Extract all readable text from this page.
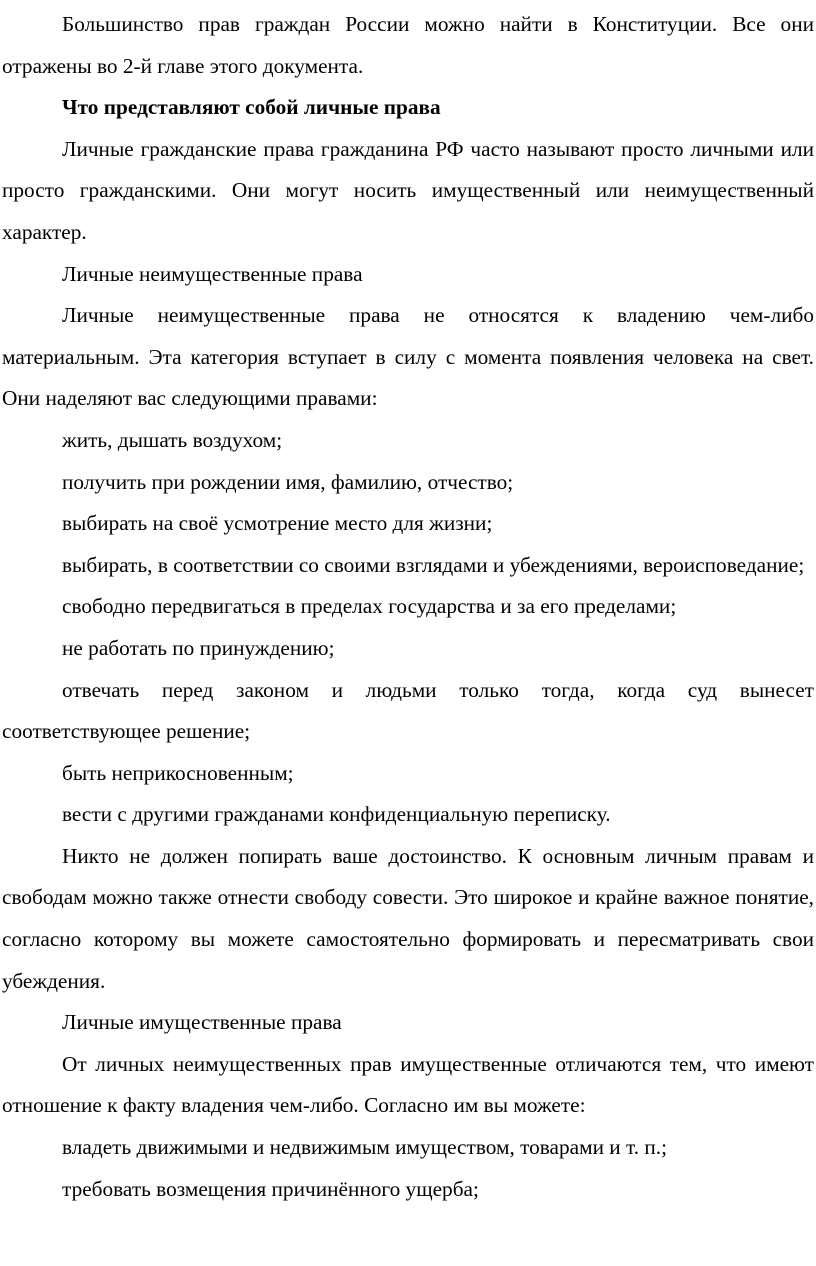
Большинство прав граждан России можно найти в Конституции. Все они отражены во 2-й главе этого документа.

Что представляют собой личные права

Личные гражданские права гражданина РФ часто называют просто личными или просто гражданскими. Они могут носить имущественный или неимущественный характер.

Личные неимущественные права

Личные неимущественные права не относятся к владению чем-либо материальным. Эта категория вступает в силу с момента появления человека на свет. Они наделяют вас следующими правами:

жить, дышать воздухом;

получить при рождении имя, фамилию, отчество;

выбирать на своё усмотрение место для жизни;

выбирать, в соответствии со своими взглядами и убеждениями, вероисповедание;

свободно передвигаться в пределах государства и за его пределами;

не работать по принуждению;

отвечать перед законом и людьми только тогда, когда суд вынесет соответствующее решение;

быть неприкосновенным;

вести с другими гражданами конфиденциальную переписку.

Никто не должен попирать ваше достоинство. К основным личным правам и свободам можно также отнести свободу совести. Это широкое и крайне важное понятие, согласно которому вы можете самостоятельно формировать и пересматривать свои убеждения.

Личные имущественные права

От личных неимущественных прав имущественные отличаются тем, что имеют отношение к факту владения чем-либо. Согласно им вы можете:

владеть движимыми и недвижимым имуществом, товарами и т. п.;

требовать возмещения причинённого ущерба;
